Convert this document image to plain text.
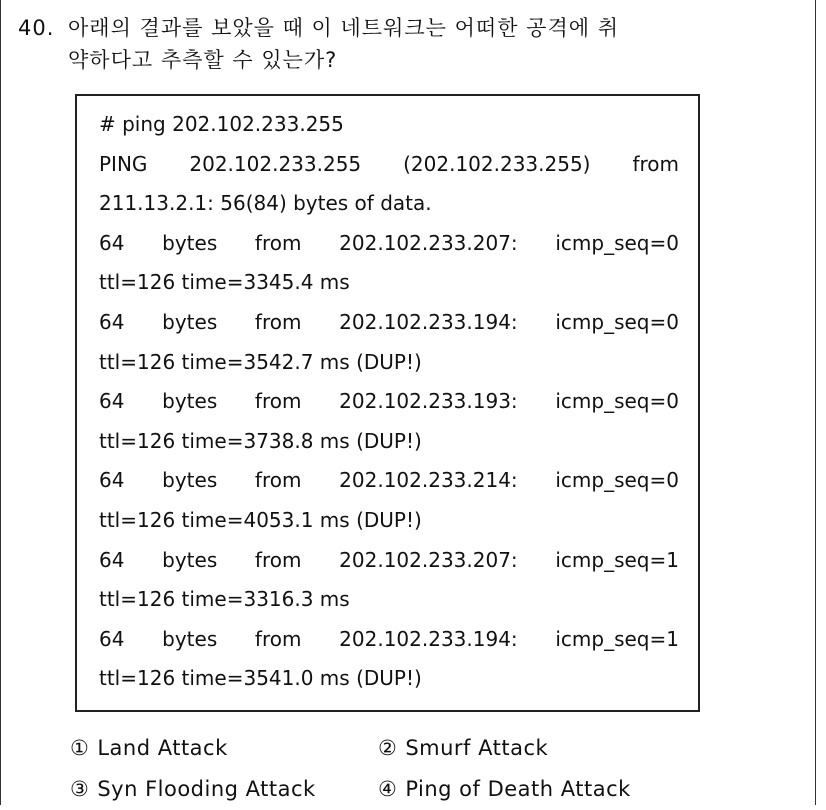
40. 아래의 결과를 보았을 때 이 네트워크는 어떠한 공격에 취
약하다고 추측할 수 있는가?
# ping 202.102.233.255
PING 202.102.233.255 (202.102.233.255) from
211.13.2.1: 56(84) bytes of data.
64 bytes from 202.102.233.207: icmp_seq=0
ttl=126 time=3345.4 ms
64 bytes from 202.102.233.194: icmp_seq=0
ttl=126 time=3542.7 ms (DUP!)
64 bytes from 202.102.233.193: icmp_seq=0
ttl=126 time=3738.8 ms (DUP!)
64 bytes from 202.102.233.214: icmp_seq=0
ttl=126 time=4053.1 ms (DUP!)
64 bytes from 202.102.233.207: icmp_seq=1
ttl=126 time=3316.3 ms
64 bytes from 202.102.233.194: icmp_seq=1
ttl=126 time=3541.0 ms (DUP!)
① Land Attack	② Smurf Attack
③ Syn Flooding Attack	④ Ping of Death Attack
